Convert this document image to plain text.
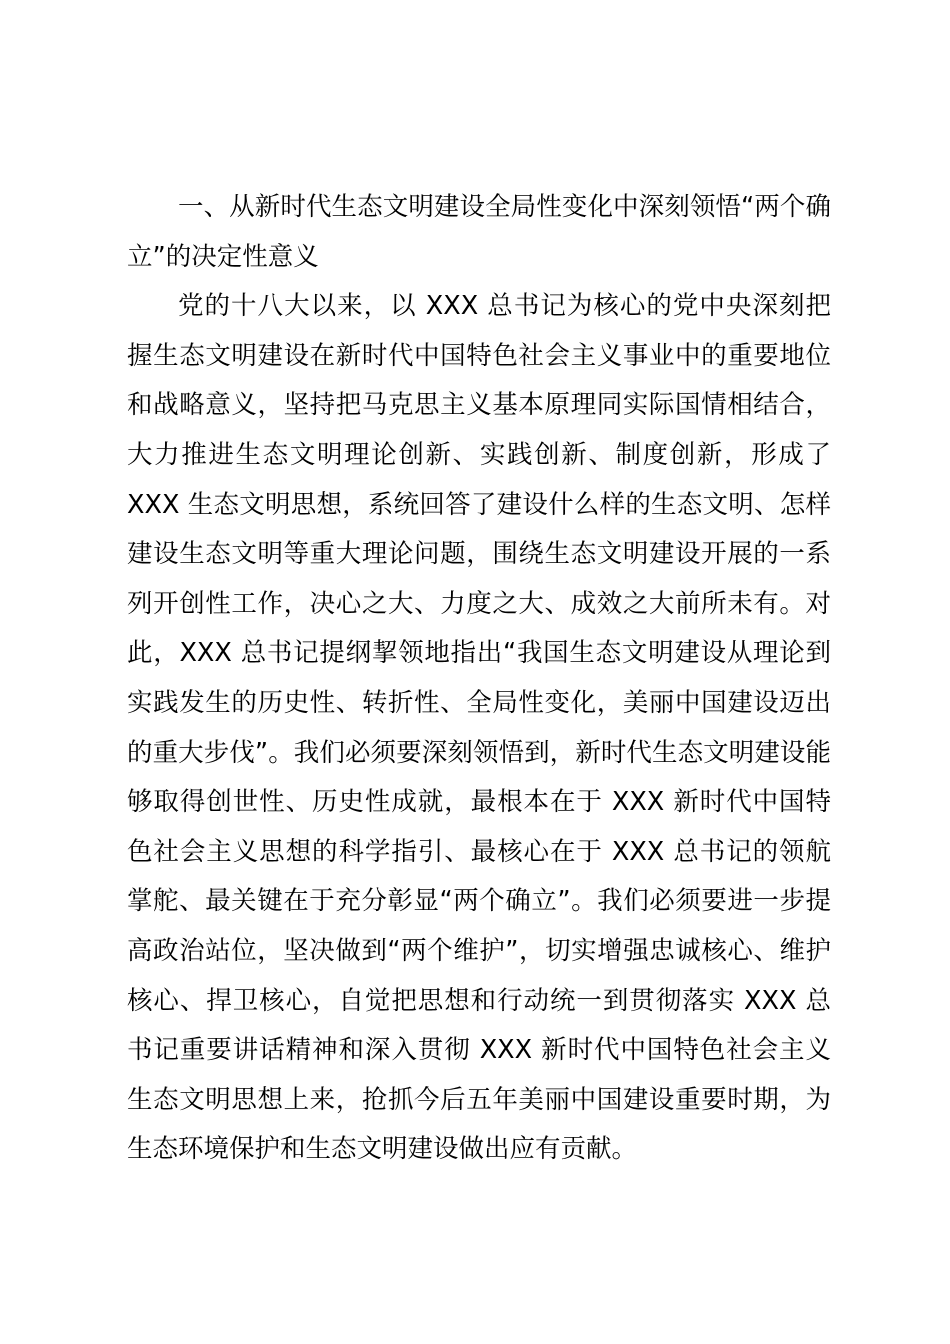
一、从新时代生态文明建设全局性变化中深刻领悟“两个确立”的决定性意义

党的十八大以来，以 XXX 总书记为核心的党中央深刻把握生态文明建设在新时代中国特色社会主义事业中的重要地位和战略意义，坚持把马克思主义基本原理同实际国情相结合，大力推进生态文明理论创新、实践创新、制度创新，形成了 XXX 生态文明思想，系统回答了建设什么样的生态文明、怎样建设生态文明等重大理论问题，围绕生态文明建设开展的一系列开创性工作，决心之大、力度之大、成效之大前所未有。对此，XXX 总书记提纲挈领地指出“我国生态文明建设从理论到实践发生的历史性、转折性、全局性变化，美丽中国建设迈出的重大步伐”。我们必须要深刻领悟到，新时代生态文明建设能够取得创世性、历史性成就，最根本在于 XXX 新时代中国特色社会主义思想的科学指引、最核心在于 XXX 总书记的领航掌舵、最关键在于充分彰显“两个确立”。我们必须要进一步提高政治站位，坚决做到“两个维护”，切实增强忠诚核心、维护核心、捍卫核心，自觉把思想和行动统一到贯彻落实 XXX 总书记重要讲话精神和深入贯彻 XXX 新时代中国特色社会主义生态文明思想上来，抢抓今后五年美丽中国建设重要时期，为生态环境保护和生态文明建设做出应有贡献。
